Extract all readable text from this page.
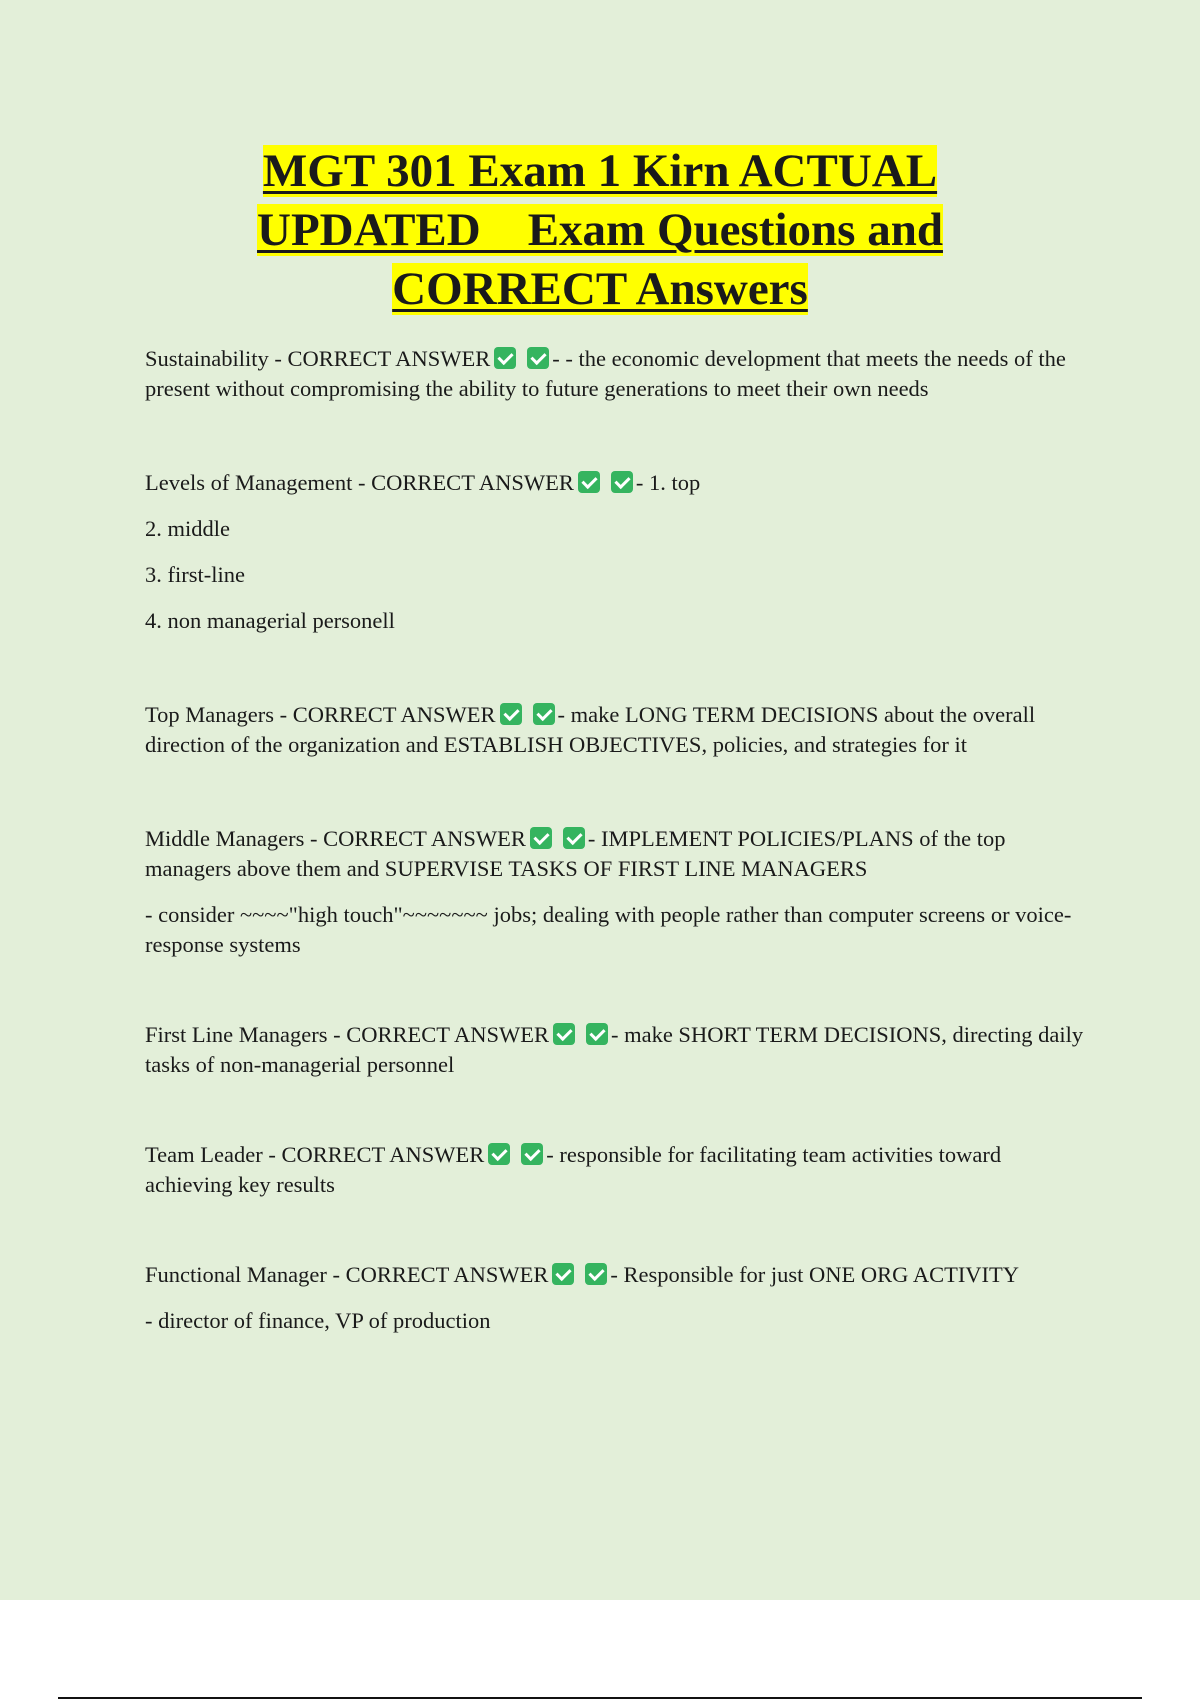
MGT 301 Exam 1 Kirn ACTUAL
UPDATED    Exam Questions and
CORRECT Answers

Sustainability - CORRECT ANSWER	- - the economic development that meets the needs of the present without compromising the ability to future generations to meet their own needs

Levels of Management - CORRECT ANSWER	- 1. top

2. middle

3. first-line

4. non managerial personell

Top Managers - CORRECT ANSWER	- make LONG TERM DECISIONS about the overall direction of the organization and ESTABLISH OBJECTIVES, policies, and strategies for it

Middle Managers - CORRECT ANSWER	- IMPLEMENT POLICIES/PLANS of the top managers above them and SUPERVISE TASKS OF FIRST LINE MANAGERS

- consider ~~~~"high touch"~~~~~~~ jobs; dealing with people rather than computer screens or voice-response systems

First Line Managers - CORRECT ANSWER	- make SHORT TERM DECISIONS, directing daily tasks of non-managerial personnel

Team Leader - CORRECT ANSWER	- responsible for facilitating team activities toward achieving key results

Functional Manager - CORRECT ANSWER	- Responsible for just ONE ORG ACTIVITY

- director of finance, VP of production
